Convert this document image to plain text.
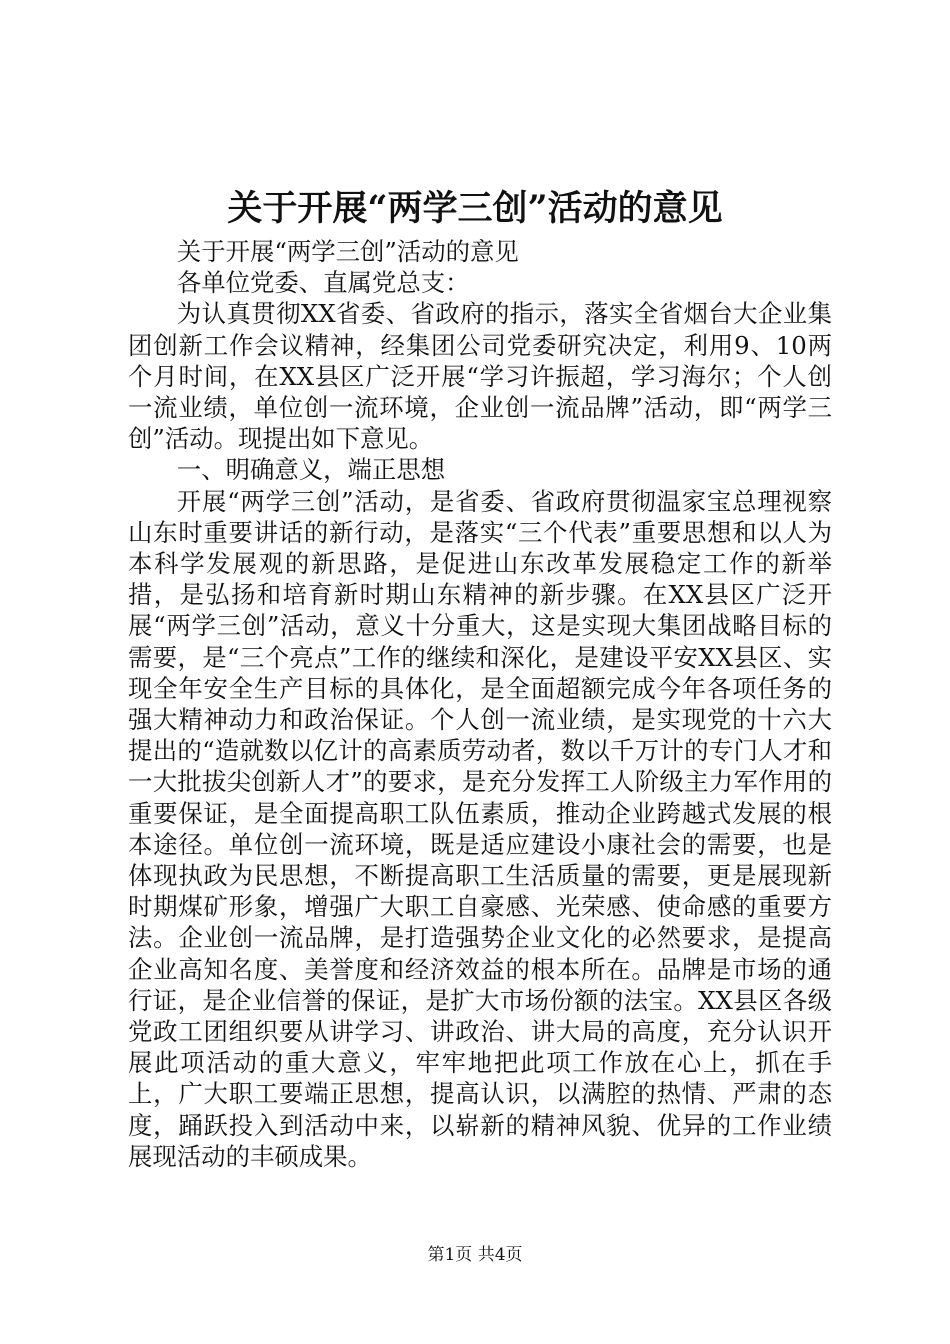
关于开展“两学三创”活动的意见

关于开展“两学三创”活动的意见

各单位党委、直属党总支：

为认真贯彻XX省委、省政府的指示，落实全省烟台大企业集团创新工作会议精神，经集团公司党委研究决定，利用9、10两个月时间，在XX县区广泛开展“学习许振超，学习海尔；个人创一流业绩，单位创一流环境，企业创一流品牌”活动，即“两学三创”活动。现提出如下意见。

一、明确意义，端正思想

开展“两学三创”活动，是省委、省政府贯彻温家宝总理视察山东时重要讲话的新行动，是落实“三个代表”重要思想和以人为本科学发展观的新思路，是促进山东改革发展稳定工作的新举措，是弘扬和培育新时期山东精神的新步骤。在XX县区广泛开展“两学三创”活动，意义十分重大，这是实现大集团战略目标的需要，是“三个亮点”工作的继续和深化，是建设平安XX县区、实现全年安全生产目标的具体化，是全面超额完成今年各项任务的强大精神动力和政治保证。个人创一流业绩，是实现党的十六大提出的“造就数以亿计的高素质劳动者，数以千万计的专门人才和一大批拔尖创新人才”的要求，是充分发挥工人阶级主力军作用的重要保证，是全面提高职工队伍素质，推动企业跨越式发展的根本途径。单位创一流环境，既是适应建设小康社会的需要，也是体现执政为民思想，不断提高职工生活质量的需要，更是展现新时期煤矿形象，增强广大职工自豪感、光荣感、使命感的重要方法。企业创一流品牌，是打造强势企业文化的必然要求，是提高企业高知名度、美誉度和经济效益的根本所在。品牌是市场的通行证，是企业信誉的保证，是扩大市场份额的法宝。XX县区各级党政工团组织要从讲学习、讲政治、讲大局的高度，充分认识开展此项活动的重大意义，牢牢地把此项工作放在心上，抓在手上，广大职工要端正思想，提高认识，以满腔的热情、严肃的态度，踊跃投入到活动中来，以崭新的精神风貌、优异的工作业绩展现活动的丰硕成果。

第1页 共4页
